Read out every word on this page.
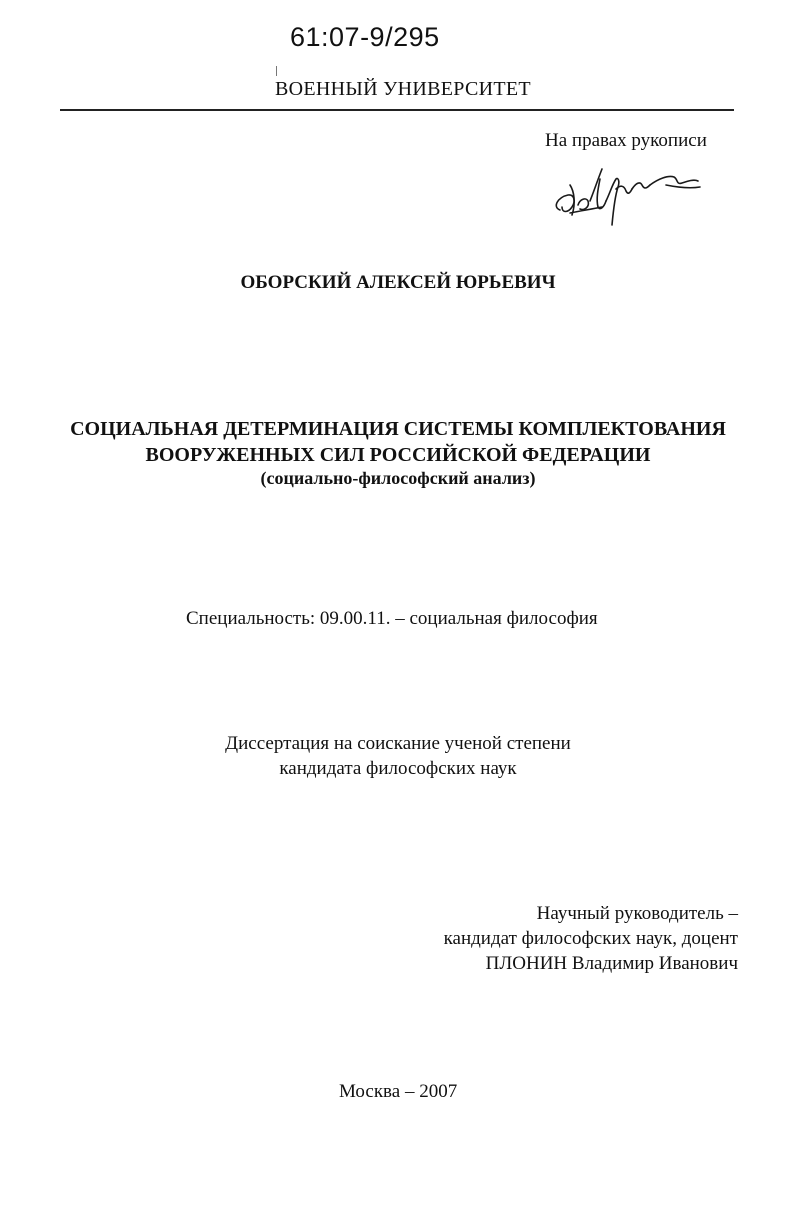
61:07-9/295
ВОЕННЫЙ УНИВЕРСИТЕТ
На правах рукописи
ОБОРСКИЙ АЛЕКСЕЙ ЮРЬЕВИЧ
СОЦИАЛЬНАЯ ДЕТЕРМИНАЦИЯ СИСТЕМЫ КОМПЛЕКТОВАНИЯ
ВООРУЖЕННЫХ СИЛ РОССИЙСКОЙ ФЕДЕРАЦИИ
(социально-философский анализ)
Специальность: 09.00.11. – социальная философия
Диссертация на соискание ученой степени
кандидата философских наук
Научный руководитель –
кандидат философских наук, доцент
ПЛОНИН Владимир Иванович
Москва – 2007
